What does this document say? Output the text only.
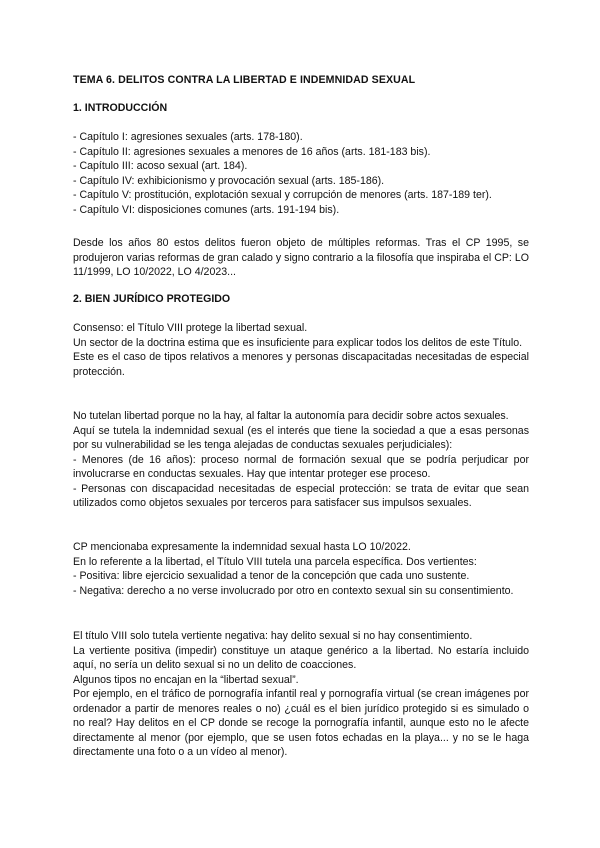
TEMA 6. DELITOS CONTRA LA LIBERTAD E INDEMNIDAD SEXUAL
1. INTRODUCCIÓN
- Capítulo I: agresiones sexuales (arts. 178-180).
- Capítulo II: agresiones sexuales a menores de 16 años (arts. 181-183 bis).
- Capítulo III: acoso sexual (art. 184).
- Capítulo IV: exhibicionismo y provocación sexual (arts. 185-186).
- Capítulo V: prostitución, explotación sexual y corrupción de menores (arts. 187-189 ter).
- Capítulo VI: disposiciones comunes (arts. 191-194 bis).

Desde los años 80 estos delitos fueron objeto de múltiples reformas. Tras el CP 1995, se produjeron varias reformas de gran calado y signo contrario a la filosofía que inspiraba el CP: LO 11/1999, LO 10/2022, LO 4/2023...

2. BIEN JURÍDICO PROTEGIDO

Consenso: el Título VIII protege la libertad sexual.

Un sector de la doctrina estima que es insuficiente para explicar todos los delitos de este Título.

Este es el caso de tipos relativos a menores y personas discapacitadas necesitadas de especial protección.

No tutelan libertad porque no la hay, al faltar la autonomía para decidir sobre actos sexuales.

Aquí se tutela la indemnidad sexual (es el interés que tiene la sociedad a que a esas personas por su vulnerabilidad se les tenga alejadas de conductas sexuales perjudiciales):

- Menores (de 16 años): proceso normal de formación sexual que se podría perjudicar por involucrarse en conductas sexuales. Hay que intentar proteger ese proceso.

- Personas con discapacidad necesitadas de especial protección: se trata de evitar que sean utilizados como objetos sexuales por terceros para satisfacer sus impulsos sexuales.

CP mencionaba expresamente la indemnidad sexual hasta LO 10/2022.

En lo referente a la libertad, el Título VIII tutela una parcela específica. Dos vertientes:

- Positiva: libre ejercicio sexualidad a tenor de la concepción que cada uno sustente.

- Negativa: derecho a no verse involucrado por otro en contexto sexual sin su consentimiento.

El título VIII solo tutela vertiente negativa: hay delito sexual si no hay consentimiento.

La vertiente positiva (impedir) constituye un ataque genérico a la libertad. No estaría incluido aquí, no sería un delito sexual si no un delito de coacciones.

Algunos tipos no encajan en la “libertad sexual”.

Por ejemplo, en el tráfico de pornografía infantil real y pornografía virtual (se crean imágenes por ordenador a partir de menores reales o no) ¿cuál es el bien jurídico protegido si es simulado o no real? Hay delitos en el CP donde se recoge la pornografía infantil, aunque esto no le afecte directamente al menor (por ejemplo, que se usen fotos echadas en la playa... y no se le haga directamente una foto o a un vídeo al menor).
